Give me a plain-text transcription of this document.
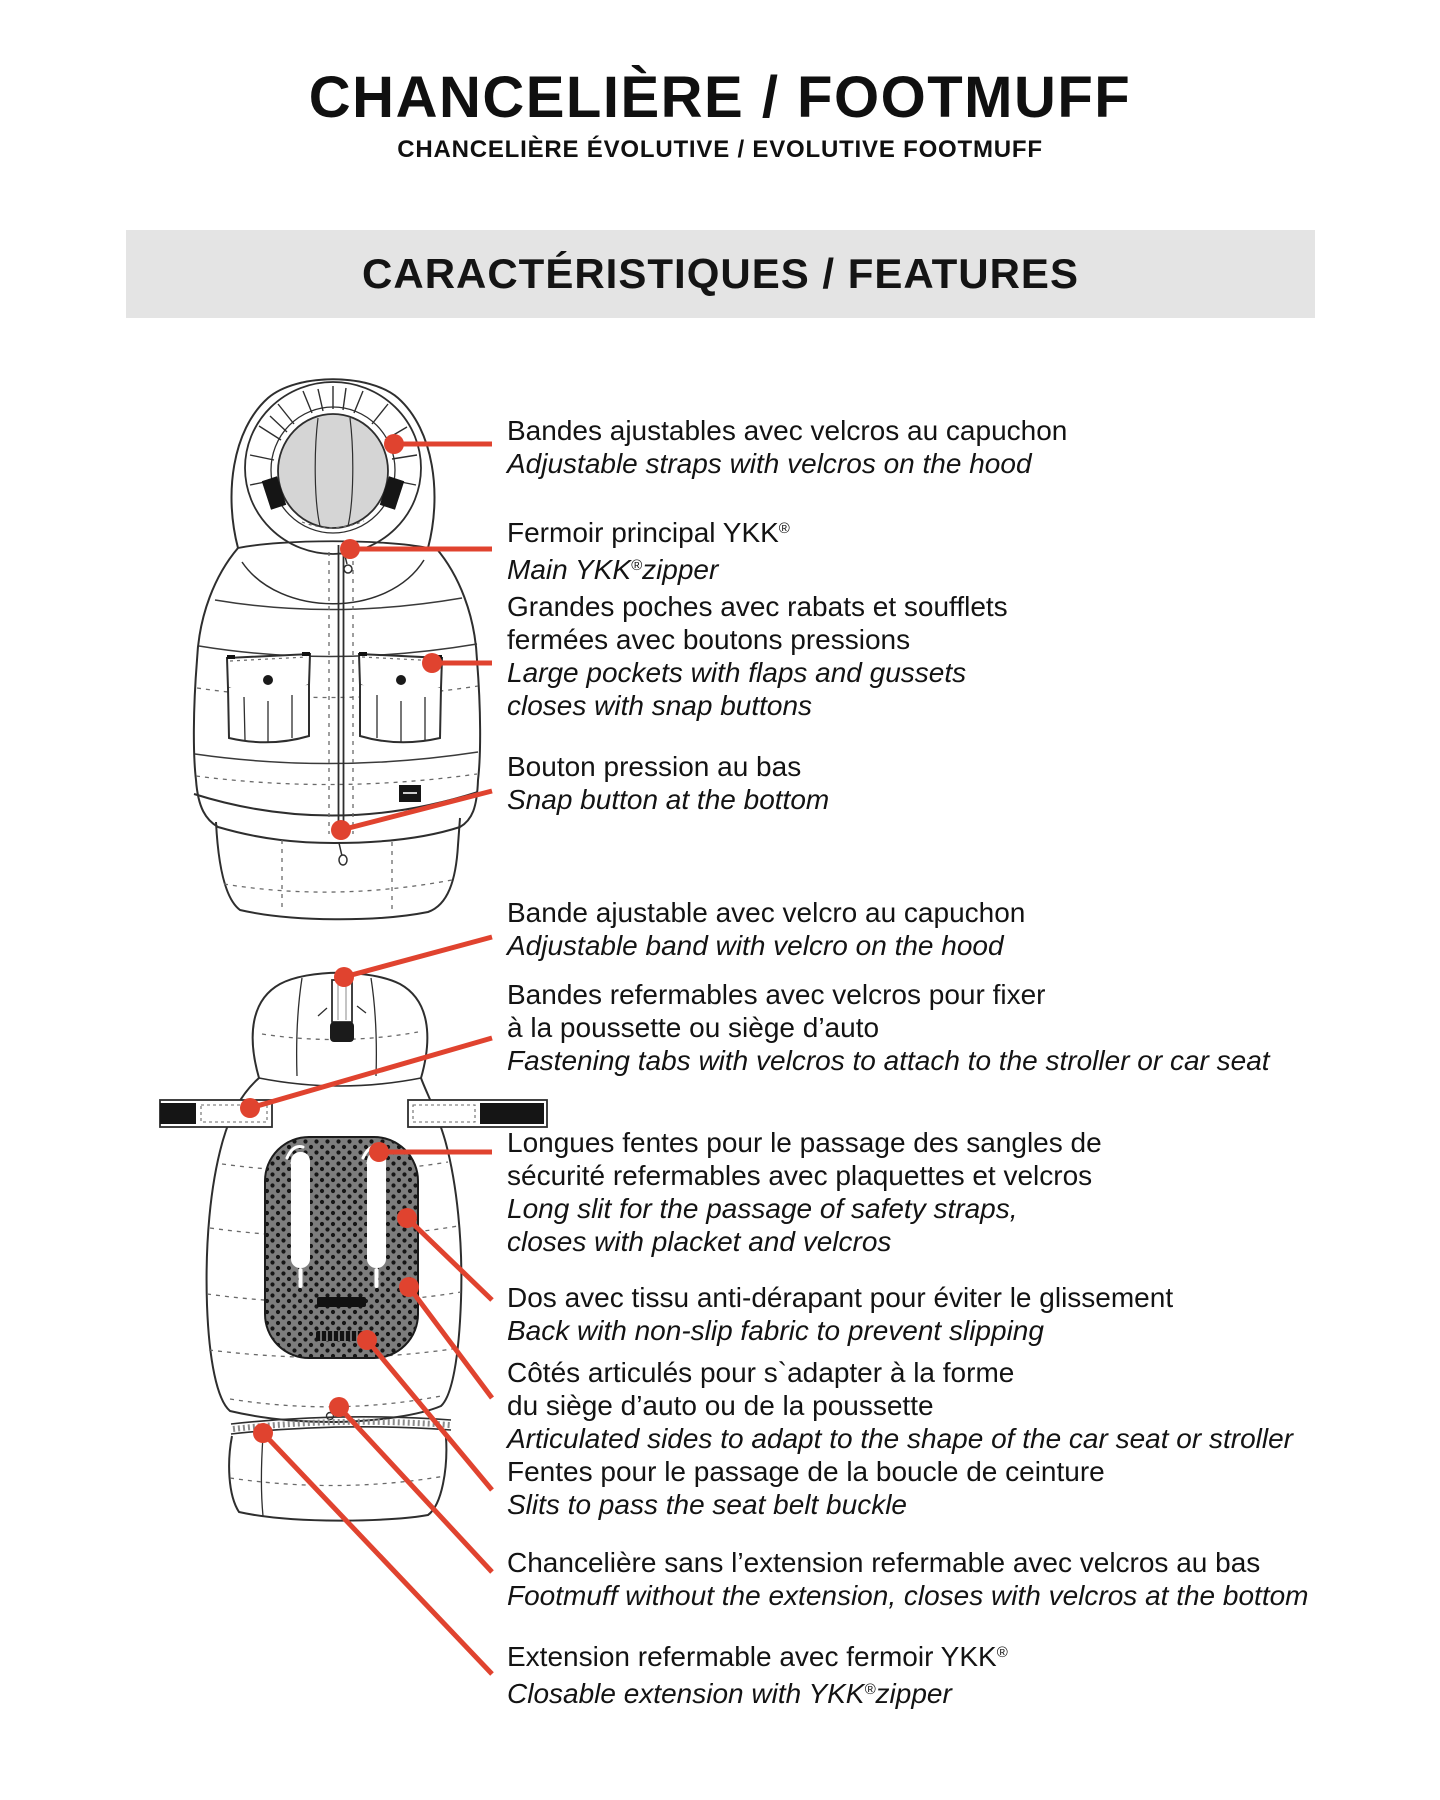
CHANCELIÈRE / FOOTMUFF
CHANCELIÈRE ÉVOLUTIVE / EVOLUTIVE FOOTMUFF
CARACTÉRISTIQUES / FEATURES
Bandes ajustables avec velcros au capuchon
Adjustable straps with velcros on the hood
Fermoir principal YKK®
Main YKK®zipper
Grandes poches avec rabats et soufflets
fermées avec boutons pressions
Large pockets with flaps and gussets
closes with snap buttons
Bouton pression au bas
Snap button at the bottom
Bande ajustable avec velcro au capuchon
Adjustable band with velcro on the hood
Bandes refermables avec velcros pour fixer
à la poussette ou siège d’auto
Fastening tabs with velcros to attach to the stroller or car seat
Longues fentes pour le passage des sangles de
sécurité refermables avec plaquettes et velcros
Long slit for the passage of safety straps,
closes with placket and velcros
Dos avec tissu anti-dérapant pour éviter le glissement
Back with non-slip fabric to prevent slipping
Côtés articulés pour s`adapter à la forme
du siège d’auto ou de la poussette
Articulated sides to adapt to the shape of the car seat or stroller
Fentes pour le passage de la boucle de ceinture
Slits to pass the seat belt buckle
Chancelière sans l’extension refermable avec velcros au bas
Footmuff without the extension, closes with velcros at the bottom
Extension refermable avec fermoir YKK®
Closable extension with YKK®zipper
